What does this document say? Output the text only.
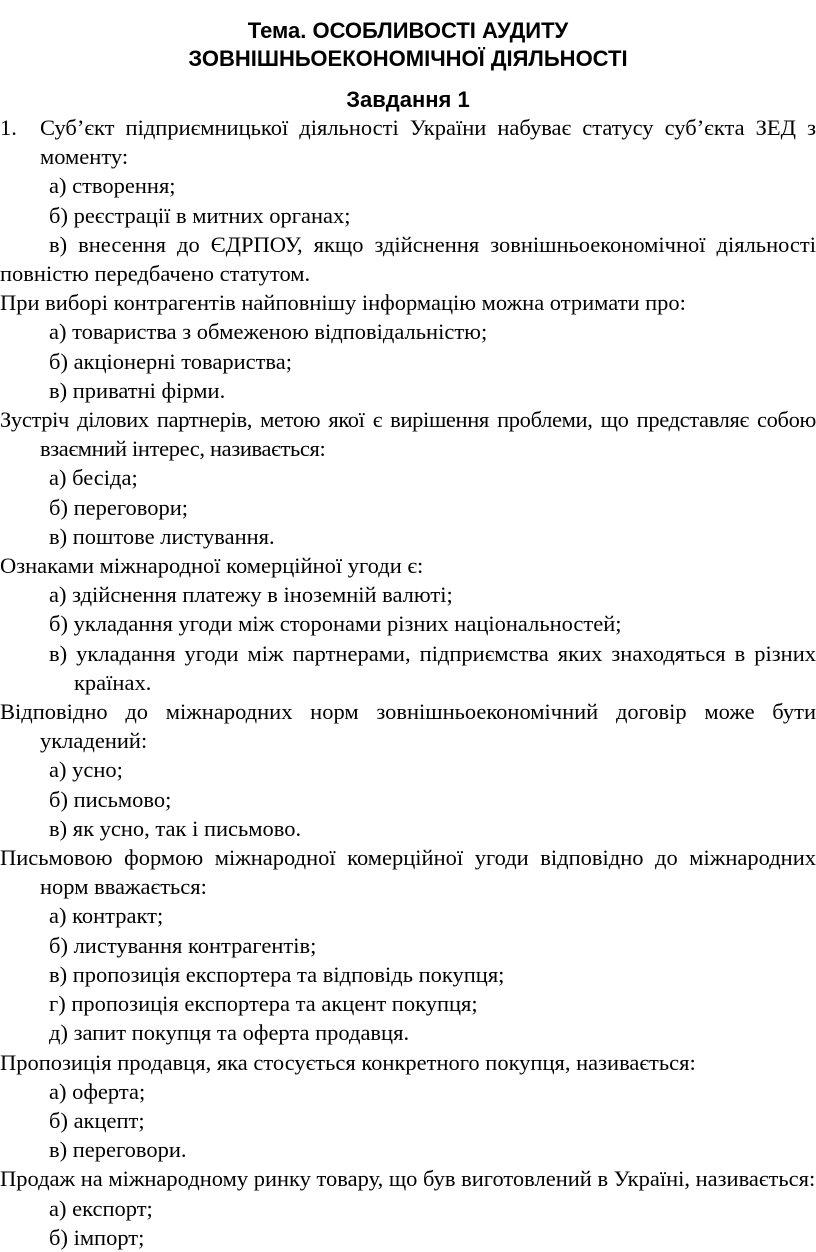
Тема. ОСОБЛИВОСТІ АУДИТУ
ЗОВНІШНЬОЕКОНОМІЧНОЇ ДІЯЛЬНОСТІ
Завдання 1

1. Суб’єкт підприємницької діяльності України набуває статусу суб’єкта ЗЕД з моменту:

а) створення;

б) реєстрації в митних органах;

в) внесення до ЄДРПОУ, якщо здійснення зовнішньоекономічної діяльності повністю передбачено статутом.

При виборі контрагентів найповнішу інформацію можна отримати про:

а) товариства з обмеженою відповідальністю;

б) акціонерні товариства;

в) приватні фірми.

Зустріч ділових партнерів, метою якої є вирішення проблеми, що представляє собою взаємний інтерес, називається:

а) бесіда;

б) переговори;

в) поштове листування.

Ознаками міжнародної комерційної угоди є:

а) здійснення платежу в іноземній валюті;

б) укладання угоди між сторонами різних національностей;

в) укладання угоди між партнерами, підприємства яких знаходяться в різних країнах.

Відповідно до міжнародних норм зовнішньоекономічний договір може бути укладений:

а) усно;

б) письмово;

в) як усно, так і письмово.

Письмовою формою міжнародної комерційної угоди відповідно до міжнародних норм вважається:

а) контракт;

б) листування контрагентів;

в) пропозиція експортера та відповідь покупця;

г) пропозиція експортера та акцент покупця;

д) запит покупця та оферта продавця.

Пропозиція продавця, яка стосується конкретного покупця, називається:

а) оферта;

б) акцепт;

в) переговори.

Продаж на міжнародному ринку товару, що був виготовлений в Україні, називається:

а) експорт;

б) імпорт;
